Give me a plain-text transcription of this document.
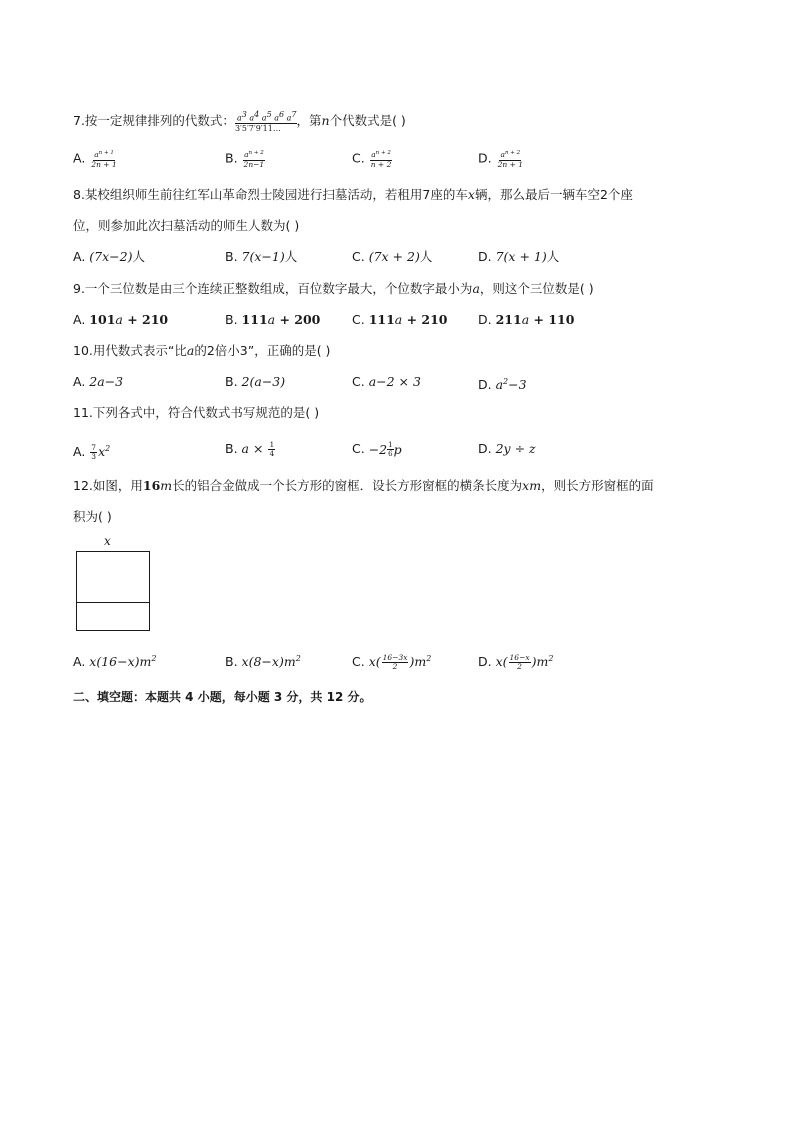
7.按一定规律排列的代数式： $\frac{a^3 a^4 a^5 a^6 a^7}{3'5'7'9'11\dots}$ ，第n个代数式是( )
A. $\frac{a^{n + 1}}{2n + 1}$	B. $\frac{a^{n + 2}}{2n-1}$	C. $\frac{a^{n + 2}}{n + 2}$	D. $\frac{a^{n + 2}}{2n + 1}$
8.某校组织师生前往红军山革命烈士陵园进行扫墓活动，若租用7座的车x辆，那么最后一辆车空2个座
位，则参加此次扫墓活动的师生人数为( )
A. (7x−2)人	B. 7(x−1)人	C. (7x + 2)人	D. 7(x + 1)人
9.一个三位数是由三个连续正整数组成，百位数字最大，个位数字最小为a，则这个三位数是( )
A. 101a + 210	B. 111a + 200	C. 111a + 210 D. 211a + 110
10.用代数式表示“比a的2倍小3”，正确的是( )
A. 2a−3	B. 2(a−3)	C. a−2 × 3	D. $a^2-3$
11.下列各式中，符合代数式书写规范的是( )
A. $\frac{7}{3} x^2$	B. $a \times \frac{1}{4}$	C. $-2 \frac{1}{6}$ p	D. 2y ÷ z
12.如图，用16m长的铝合金做成一个长方形的窗框．设长方形窗框的横条长度为xm，则长方形窗框的面
积为( )
x
A. $x(16-x)m^2$	B. $x(8-x)m^2$	C. $x( \frac{16-3x}{2} )m^2$	D. $x( \frac{16-x}{2} )m^2$
二、填空题：本题共 4 小题，每小题 3 分，共 12 分。
